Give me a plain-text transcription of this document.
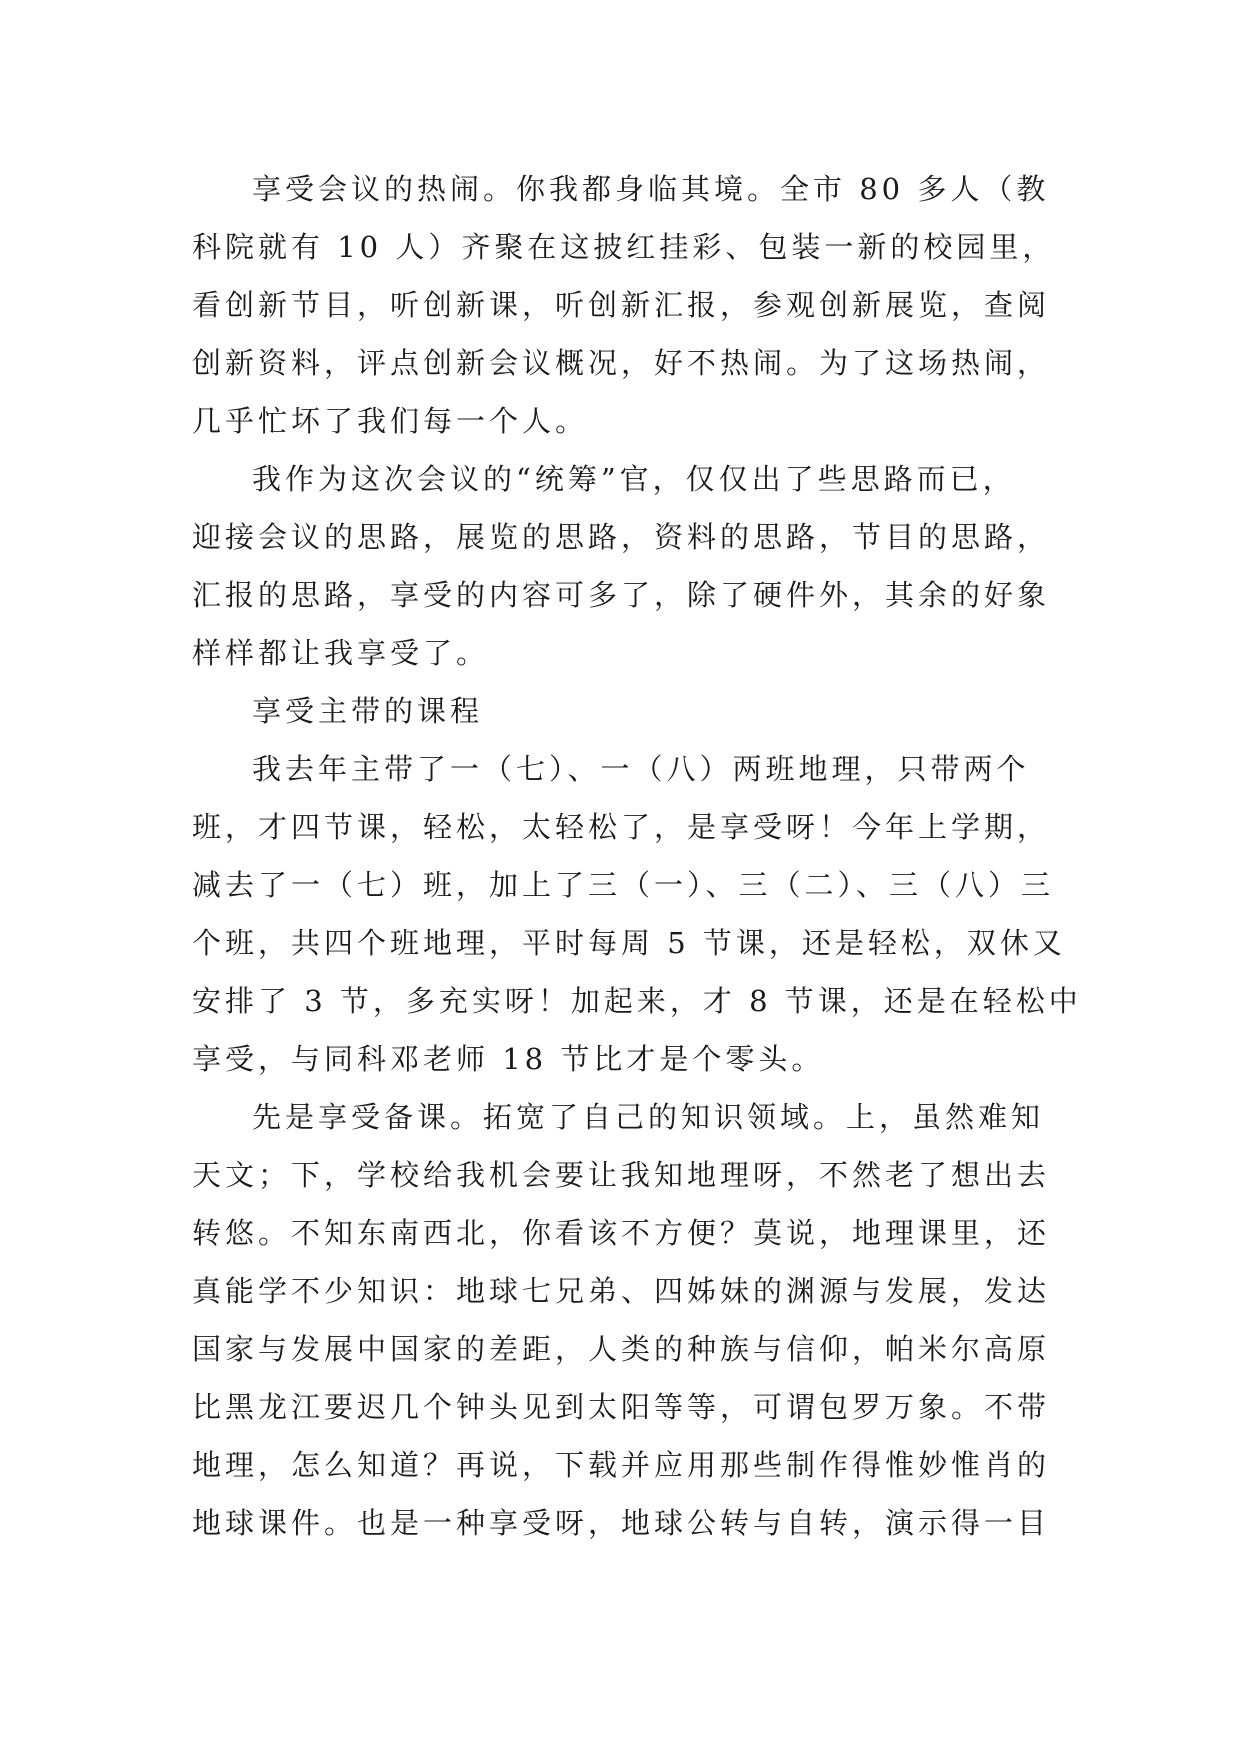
享受会议的热闹。你我都身临其境。全市 80 多人（教
科院就有 10 人）齐聚在这披红挂彩、包装一新的校园里，
看创新节目，听创新课，听创新汇报，参观创新展览，查阅
创新资料，评点创新会议概况，好不热闹。为了这场热闹，
几乎忙坏了我们每一个人。
我作为这次会议的“统筹”官，仅仅出了些思路而已，
迎接会议的思路，展览的思路，资料的思路，节目的思路，
汇报的思路，享受的内容可多了，除了硬件外，其余的好象
样样都让我享受了。
享受主带的课程
我去年主带了一（七）、一（八）两班地理，只带两个
班，才四节课，轻松，太轻松了，是享受呀！今年上学期，
减去了一（七）班，加上了三（一）、三（二）、三（八）三
个班，共四个班地理，平时每周 5 节课，还是轻松，双休又
安排了 3 节，多充实呀！加起来，才 8 节课，还是在轻松中
享受，与同科邓老师 18 节比才是个零头。
先是享受备课。拓宽了自己的知识领域。上，虽然难知
天文；下，学校给我机会要让我知地理呀，不然老了想出去
转悠。不知东南西北，你看该不方便？莫说，地理课里，还
真能学不少知识：地球七兄弟、四姊妹的渊源与发展，发达
国家与发展中国家的差距，人类的种族与信仰，帕米尔高原
比黑龙江要迟几个钟头见到太阳等等，可谓包罗万象。不带
地理，怎么知道？再说，下载并应用那些制作得惟妙惟肖的
地球课件。也是一种享受呀，地球公转与自转，演示得一目
